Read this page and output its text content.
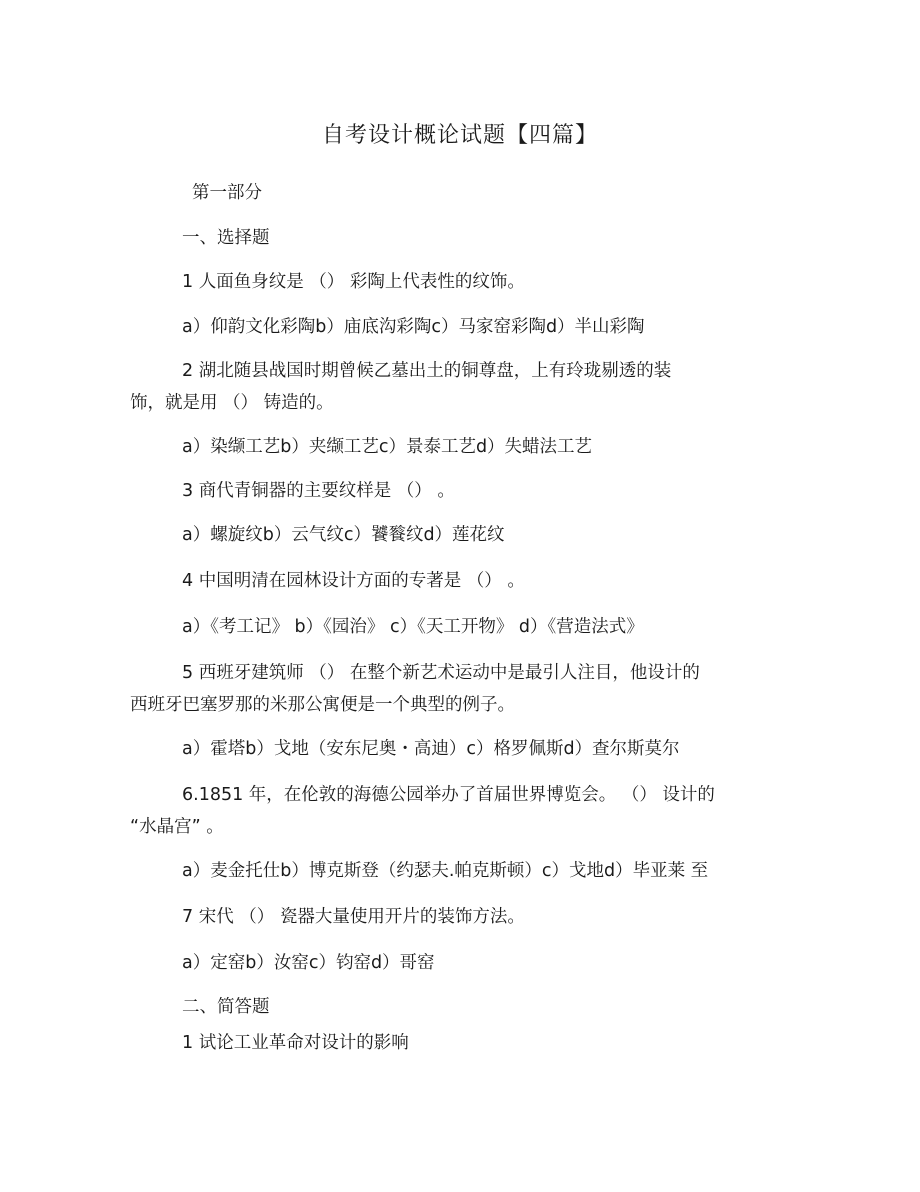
自考设计概论试题【四篇】
第一部分
一、选择题
1 人面鱼身纹是 （） 彩陶上代表性的纹饰。
a）仰韵文化彩陶b）庙底沟彩陶c）马家窑彩陶d）半山彩陶
2 湖北随县战国时期曾候乙墓出土的铜尊盘，上有玲珑剔透的装
饰，就是用 （） 铸造的。
a）染缬工艺b）夹缬工艺c）景泰工艺d）失蜡法工艺
3 商代青铜器的主要纹样是 （） 。
a）螺旋纹b）云气纹c）饕餮纹d）莲花纹
4 中国明清在园林设计方面的专著是 （） 。
a）《考工记》 b）《园治》 c）《天工开物》 d）《营造法式》
5 西班牙建筑师 （） 在整个新艺术运动中是最引人注目，他设计的
西班牙巴塞罗那的米那公寓便是一个典型的例子。
a）霍塔b）戈地（安东尼奥・高迪）c）格罗佩斯d）查尔斯莫尔
6.1851 年，在伦敦的海德公园举办了首届世界博览会。 （） 设计的
“水晶宫” 。
a）麦金托仕b）博克斯登（约瑟夫.帕克斯顿）c）戈地d）毕亚莱 至
7 宋代 （） 瓷器大量使用开片的装饰方法。
a）定窑b）汝窑c）钧窑d）哥窑
二、简答题
1 试论工业革命对设计的影响
